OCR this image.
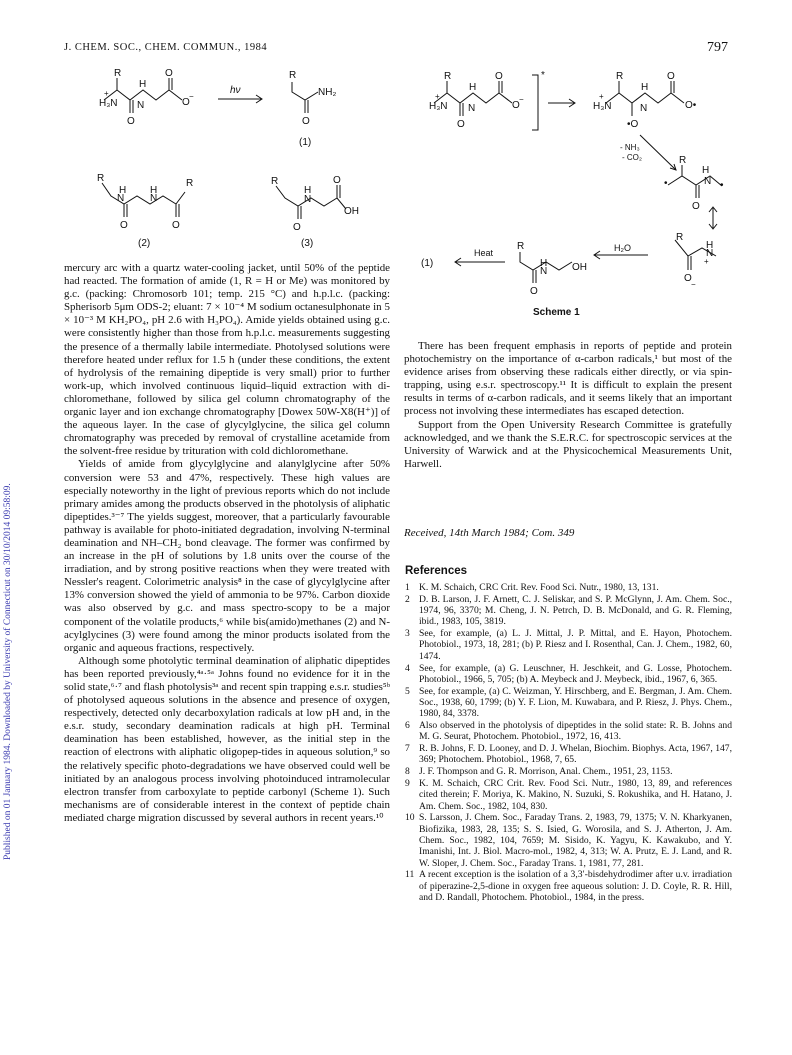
J. CHEM. SOC., CHEM. COMMUN., 1984	797
Published on 01 January 1984. Downloaded by University of Connecticut on 30/10/2014 09:58:09.
R
H₃N
+
H
N
O
O
O
−
R
NH₂
O
R
H
N
H
N
R
O	O
R
H
N
O
OH
O
R
H₃N
+
H
N
O
O
O
−
*	R
H₃N
+
H
N
•O
O
O•
R
H
N •
•
O
R
H
N
+
O
−
R
H
N OH
O
hν
(1)
(2)	(3)
- NH₃
- CO₂
H₂O
Heat
(1)
Scheme 1

mercury arc with a quartz water-cooling jacket, until 50% of the peptide had reacted. The formation of amide (1, R = H or Me) was monitored by g.c. (packing: Chromosorb 101; temp. 215 °C) and h.p.l.c. (packing: Spherisorb 5μm ODS-2; eluant: 7 × 10⁻⁴ M sodium octanesulphonate in 5 × 10⁻³ M KH₂PO₄, pH 2.6 with H₃PO₄). Amide yields obtained using g.c. were consistently higher than those from h.p.l.c. measurements suggesting the presence of a thermally labile intermediate. Photolysed solutions were therefore heated under reflux for 1.5 h (under these conditions, the extent of hydrolysis of the remaining dipeptide is very small) prior to further work-up, which involved continuous liquid–liquid extraction with di-chloromethane, followed by silica gel column chromatography of the organic layer and ion exchange chromatography [Dowex 50W-X8(H⁺)] of the aqueous layer. In the case of glycylglycine, the silica gel column chromatography was preceded by removal of crystalline acetamide from the solvent-free residue by trituration with cold dichloromethane.

Yields of amide from glycylglycine and alanylglycine after 50% conversion were 53 and 47%, respectively. These high values are especially noteworthy in the light of previous reports which do not include primary amides among the products observed in the photolysis of aliphatic dipeptides.³⁻⁷ The yields suggest, moreover, that a particularly favourable pathway is available for photo-initiated degradation, involving N-terminal deamination and NH–CH₂ bond cleavage. The former was confirmed by an increase in the pH of solutions by 1.8 units over the course of the irradiation, and by strong positive reactions when they were treated with Nessler's reagent. Colorimetric analysis⁸ in the case of glycylglycine after 13% conversion showed the yield of ammonia to be 97%. Carbon dioxide was also observed by g.c. and mass spectro-scopy to be a major component of the volatile products,⁶ while bis(amido)methanes (2) and N-acylglycines (3) were found among the minor products isolated from the organic and aqueous fractions, respectively.

Although some photolytic terminal deamination of aliphatic dipeptides has been reported previously,⁴ᵃ·⁵ᵃ Johns found no evidence for it in the solid state,⁶·⁷ and flash photolysis³ᵃ and recent spin trapping e.s.r. studies⁵ᵇ of photolysed aqueous solutions in the absence and presence of oxygen, respectively, detected only decarboxylation radicals at low pH and, in the e.s.r. study, secondary deamination radicals at high pH. Terminal deamination has been established, however, as the initial step in the reaction of electrons with aliphatic oligopep-tides in aqueous solution,⁹ so the relatively specific photo-degradations we have observed could well be initiated by an analogous process involving photoinduced intramolecular electron transfer from carboxylate to peptide carbonyl (Scheme 1). Such mechanisms are of considerable interest in the context of peptide chain mediated charge migration discussed by several authors in recent years.¹⁰

There has been frequent emphasis in reports of peptide and protein photochemistry on the importance of α-carbon radicals,¹ but most of the evidence arises from observing these radicals either directly, or via spin-trapping, using e.s.r. spectroscopy.¹¹ It is difficult to explain the present results in terms of α-carbon radicals, and it seems likely that an important process not involving these intermediates has escaped detection.

Support from the Open University Research Committee is gratefully acknowledged, and we thank the S.E.R.C. for spectroscopic services at the University of Warwick and at the Physicochemical Measurements Unit, Harwell.

Received, 14th March 1984; Com. 349
References
1 K. M. Schaich, CRC Crit. Rev. Food Sci. Nutr., 1980, 13, 131.
2 D. B. Larson, J. F. Arnett, C. J. Seliskar, and S. P. McGlynn, J. Am. Chem. Soc., 1974, 96, 3370; M. Cheng, J. N. Petrch, D. B. McDonald, and G. R. Fleming, ibid., 1983, 105, 3819.
3 See, for example, (a) L. J. Mittal, J. P. Mittal, and E. Hayon, Photochem. Photobiol., 1973, 18, 281; (b) P. Riesz and I. Rosenthal, Can. J. Chem., 1982, 60, 1474.
4 See, for example, (a) G. Leuschner, H. Jeschkeit, and G. Losse, Photochem. Photobiol., 1966, 5, 705; (b) A. Meybeck and J. Meybeck, ibid., 1967, 6, 365.
5 See, for example, (a) C. Weizman, Y. Hirschberg, and E. Bergman, J. Am. Chem. Soc., 1938, 60, 1799; (b) Y. F. Lion, M. Kuwabara, and P. Riesz, J. Phys. Chem., 1980, 84, 3378.
6 Also observed in the photolysis of dipeptides in the solid state: R. B. Johns and M. G. Seurat, Photochem. Photobiol., 1972, 16, 413.
7 R. B. Johns, F. D. Looney, and D. J. Whelan, Biochim. Biophys. Acta, 1967, 147, 369; Photochem. Photobiol., 1968, 7, 65.
8 J. F. Thompson and G. R. Morrison, Anal. Chem., 1951, 23, 1153.
9 K. M. Schaich, CRC Crit. Rev. Food Sci. Nutr., 1980, 13, 89, and references cited therein; F. Moriya, K. Makino, N. Suzuki, S. Rokushika, and H. Hatano, J. Am. Chem. Soc., 1982, 104, 830.
10 S. Larsson, J. Chem. Soc., Faraday Trans. 2, 1983, 79, 1375; V. N. Kharkyanen, Biofizika, 1983, 28, 135; S. S. Isied, G. Worosila, and S. J. Atherton, J. Am. Chem. Soc., 1982, 104, 7659; M. Sisido, K. Yagyu, K. Kawakubo, and Y. Imanishi, Int. J. Biol. Macro-mol., 1982, 4, 313; W. A. Prutz, E. J. Land, and R. W. Sloper, J. Chem. Soc., Faraday Trans. 1, 1981, 77, 281.
11 A recent exception is the isolation of a 3,3′-bisdehydrodimer after u.v. irradiation of piperazine-2,5-dione in oxygen free aqueous solution: J. D. Coyle, R. R. Hill, and D. Randall, Photochem. Photobiol., 1984, in the press.
